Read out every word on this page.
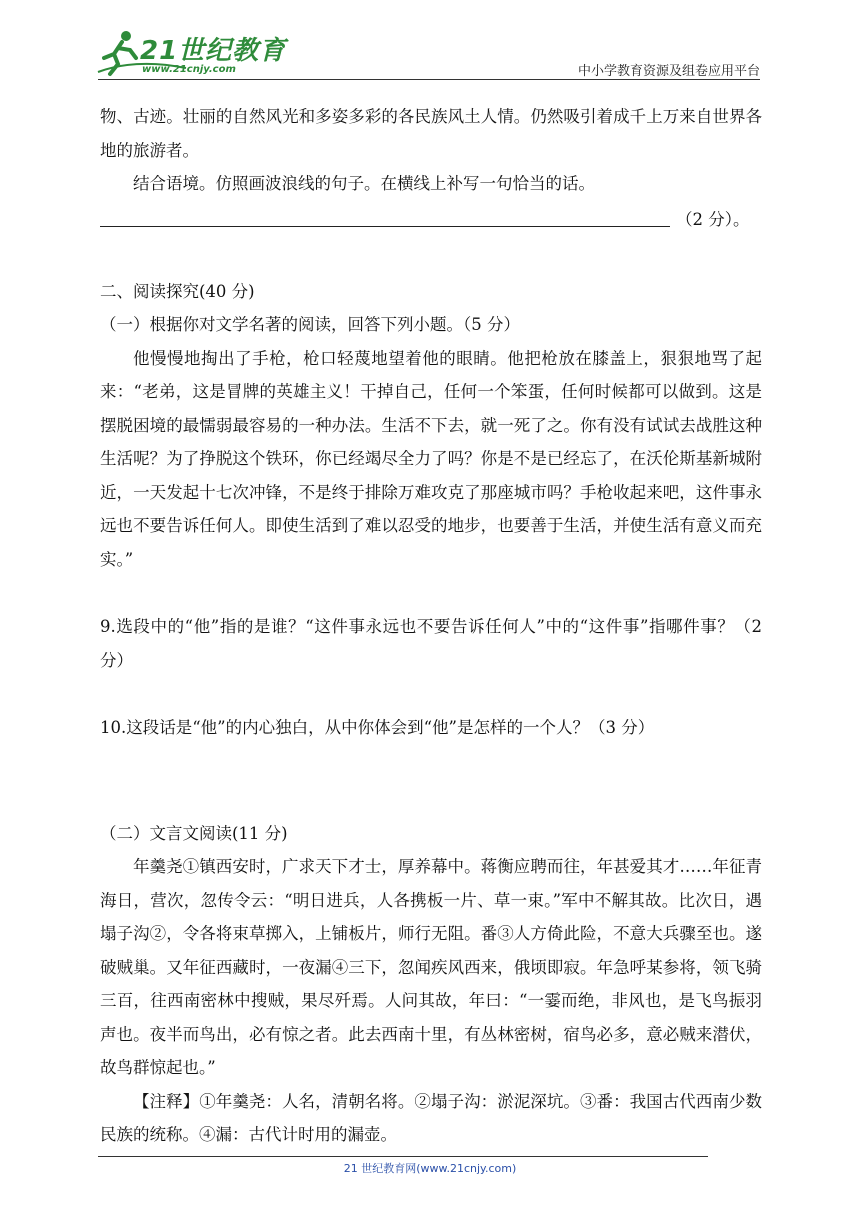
21世纪教育
www.21cnjy.com	中小学教育资源及组卷应用平台

物、古迹。壮丽的自然风光和多姿多彩的各民族风土人情。仍然吸引着成千上万来自世界各地的旅游者。

结合语境。仿照画波浪线的句子。在横线上补写一句恰当的话。

（2 分）。

二、阅读探究(40 分)

（一）根据你对文学名著的阅读，回答下列小题。（5 分）

他慢慢地掏出了手枪，枪口轻蔑地望着他的眼睛。他把枪放在膝盖上，狠狠地骂了起来：“老弟，这是冒牌的英雄主义！干掉自己，任何一个笨蛋，任何时候都可以做到。这是摆脱困境的最懦弱最容易的一种办法。生活不下去，就一死了之。你有没有试试去战胜这种生活呢？为了挣脱这个铁环，你已经竭尽全力了吗？你是不是已经忘了，在沃伦斯基新城附近，一天发起十七次冲锋，不是终于排除万难攻克了那座城市吗？手枪收起来吧，这件事永远也不要告诉任何人。即使生活到了难以忍受的地步，也要善于生活，并使生活有意义而充实。”

9.选段中的“他”指的是谁？“这件事永远也不要告诉任何人”中的“这件事”指哪件事？（2 分）

10.这段话是“他”的内心独白，从中你体会到“他”是怎样的一个人？（3 分）

（二）文言文阅读(11 分)

年羹尧①镇西安时，广求天下才士，厚养幕中。蒋衡应聘而往，年甚爱其才……年征青海日，营次，忽传令云：“明日进兵，人各携板一片、草一束。”军中不解其故。比次日，遇塌子沟②，令各将束草掷入，上铺板片，师行无阻。番③人方倚此险，不意大兵骤至也。遂破贼巢。又年征西藏时，一夜漏④三下，忽闻疾风西来，俄顷即寂。年急呼某参将，领飞骑三百，往西南密林中搜贼，果尽歼焉。人问其故，年曰：“一霎而绝，非风也，是飞鸟振羽声也。夜半而鸟出，必有惊之者。此去西南十里，有丛林密树，宿鸟必多，意必贼来潜伏，故鸟群惊起也。”

【注释】①年羹尧：人名，清朝名将。②塌子沟：淤泥深坑。③番：我国古代西南少数民族的统称。④漏：古代计时用的漏壶。

21 世纪教育网(www.21cnjy.com)
